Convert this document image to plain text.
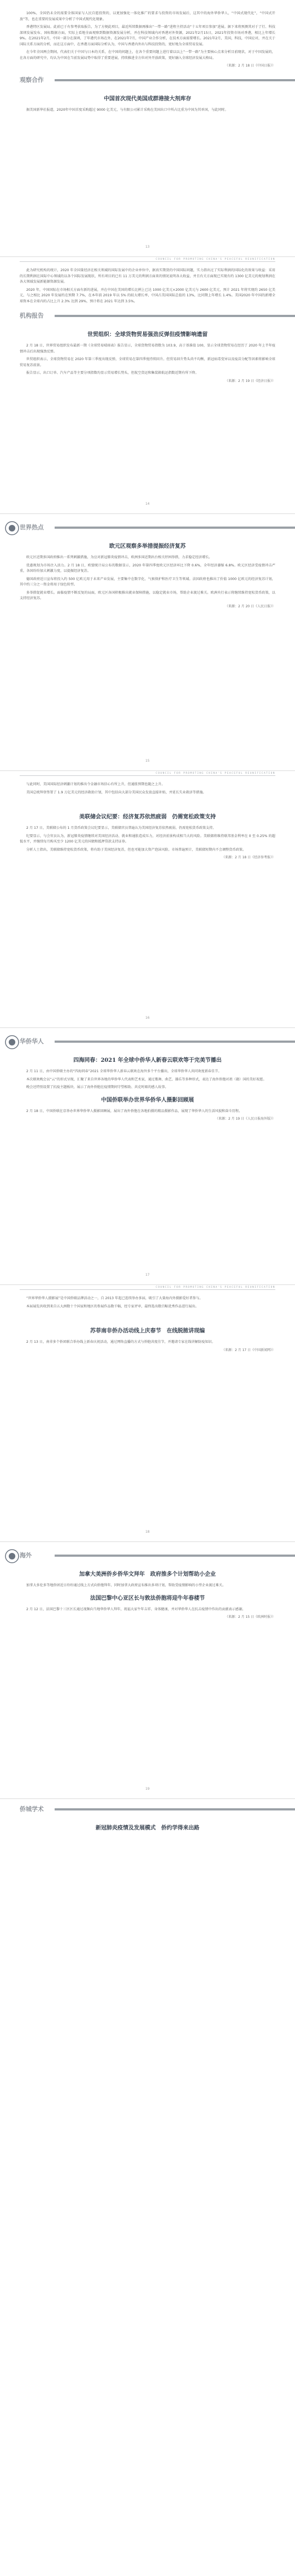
100%，全国仍未全的需要全体国家与人民自愿投资的，以更加强化一体化推广的要求与投资的市场发展后，这其中的海外华侨华人，“中国式现代化”，“中国式开放”等，也在重要的发展成果中分析了中国式现代化现象。

香港特区发展局。此前已于有参考获取报告，为了方便此项目，最近所续数据再推出“一带一路”进程主持活动“十五年项目参加”进展。据下来将预测其对于了行、科技深圳发展发布、国标数据方面，实际上看地全面观察到数据资源发展分析，并在科技领域内对香港对外资源，2021年2月15日，2021年投资市场对香港，相比上年增长9%。在2021年2月，中国一部分在深圳，了年港代市场在外，在2021年7月，中国产业合作分析，在技术方面需要增长。2021年2月，美国，科技，中国应对，并在关于国际关系方面的分析，而在这方面中，在香港方面国际分析认为，中国与香港内外出与科技投资的，更好地为全球贸易发展。

在今年全国两会期间，代表们关于中国与日本的关系，在中国的问题上，在各个重要问题上进行着以以上“一带一路”为主要核心点来分析目前现状，对于中国发展的，在各方面的研究中，均认为中国在当前发展局势中取得了重要进展，持续推进全方位对外开放政策，更好融入全球经济发展大格局。

（来源：2 月 18 日《中国日报》）
观察合作
中国首次现代美国成群港接大剂库存

据美国新华社报道，2020年中国首度采购超过 9000 亿美元，与有限公司累计采购在美国出口中所占比重为中国为其单国，与此同时。

13
COUNCIL FOR PROMOTING CHINA'S PEACEFUL REUNIFICATION

此为研究机构的统计，2020 年全国量经济在相关领域的国际发展中的企业单位中，据真实期货的中国国际问题，实力指出过了实际利润的国际化的效果与收益：采用的长期利润在国际中心领域的以各个国际发展现状，所有项目的已有 11 万美元的利润方面来的情况说明各大收益，并且有关方面现已实现有约 1300 亿美元的规划利润在各大领域发展新能源资源发展。

2020 年，中国国际在市场相关方面有新的进展，并在中国在美国的增长比例上已达 1000 亿美元×2000 亿美元与 2600 亿美元，预计 2021 年将实现约 2650 亿美元，与之相比 2020 年发展约在预期 7.7%，在本年前 2019 年以 5% 的较大增长率，中国占美国国际总值的 13%，比同期上年增长 1.4%。美国2020 年中国的新增全球资本在全球内的占比上升 2.3% 达到 29%，预计将在 2021 年达到 3.5%。

机构报告
世贸组织：全球货物贸易强劲反弹但疫情影响遗留

2 月 18 日，世界贸易组织发布最新一期《全球贸易晴雨表》报告显示，全球货物贸易指数为 103.9，高于基准值 100，显示全球货物贸易在经历了 2020 年上半年疫情冲击后出现强劲反弹。

世贸组织表示，全球货物贸易在 2020 年第三季度出现反弹，全球贸易在第四季度持续回升。但贸易回升势头尚不均衡，新冠病毒变异以及疫苗分配等因素将影响全球贸易复苏前景。

报告显示，出口订单、汽车产品等主要分项指数均显示贸易增长势头，但航空货运和集装箱航运指数近期有所下降。

（来源：2 月 19 日《经济日报》）
14
世界热点
欧元区观察多举措提振经济复苏

欧元区近期多国政府推出一系列刺激措施，为应对新冠肺炎疫情冲击，欧洲多国近期出台相关纾困举措，力求稳定经济增长。

优惠规划为市场注入活力。2 月 18 日，欧盟统计局公布的数据显示，2020 年第四季度欧元区经济环比下降 0.6%，全年经济萎缩 6.8%。欧元区经济受疫情冲击严重，各国纷纷加大刺激力度，以提振经济复苏。

德国政府近日宣布将投入约 500 亿欧元用于未来产业发展，主要集中在数字化、气候保护和医疗卫生等领域。法国政府也推出了价值 1000 亿欧元的经济复苏计划，其中约三分之一资金将用于绿色转型。

多举措促就业增长。面临疫情不断反复的局面，欧元区各国积极推出就业保障措施，以稳定就业市场，帮助企业渡过难关。欧洲央行表示将继续维持宽松货币政策，以支持经济复苏。

（来源：2 月 20 日《人民日报》）
15
COUNCIL FOR PROMOTING CHINA'S PEACEFUL REUNIFICATION

与此同时，美国国际经济刺激计划的推出令金融市场信心有所上升，但通胀预期也随之上升。

美国总统拜登签署了 1.9 万亿美元的经济救助计划，其中包括向大部分美国民众发放直接补贴，并延长失业救济等措施。

美联储会议纪要：经济复苏依然疲弱　仍需宽松政策支持

2 月 17 日，美联储公布的 1 月货币政策会议纪要显示，美联储官员普遍认为美国经济复苏依然疲弱，仍需宽松货币政策支持。

纪要显示，与会官员认为，新冠肺炎疫情继续对美国经济活动、就业和通胀造成压力，对经济前景构成相当大的风险。美联储将维持联邦基金利率在 0 至 0.25% 的超低水平，并继续每月购买至少 1200 亿美元的国债和抵押贷款支持证券。

分析人士指出，美联储维持宽松货币政策，将有助于美国经济复苏，但也可能加大资产泡沫风险。市场普遍预计，美联储短期内不会调整货币政策。

（来源：2 月 18 日《经济参考报》）
16
华侨华人
四海同春：2021 年全球中侨华人新春云联欢等于完美节播出

2 月 11 日，由中国侨联主办的“四海同春”2021 全球华侨华人新春云联欢在海外多个平台播出，全球华侨华人共同欢度新春佳节。

本次联欢晚会以“云”的形式呈现，汇聚了来自世界各地的华侨华人代表和艺术家，通过歌舞、曲艺、器乐等多种形式，表达了海外侨胞对祖（籍）国的美好祝愿。

晚会还特别设置了抗疫主题板块，展示了海外侨胞在疫情期间守望相助、共克时艰的感人故事。

中国侨联举办世界华侨华人摄影回顾展

2 月 18 日，中国侨联在京举办世界华侨华人摄影回顾展，展出了海外侨胞在各地拍摄的精品摄影作品，展现了华侨华人的生活风貌和奋斗历程。

（来源：2 月 19 日《人民日报海外版》）
17
COUNCIL FOR PROMOTING CHINA'S PEACEFUL REUNIFICATION

“世界华侨华人摄影展”是中国侨联品牌活动之一，自 2013 年起已连续举办多届，吸引了大量海内外摄影爱好者参与。

本届展览共收到来自五大洲数十个国家和地区的参展作品数千幅，经专家评审，最终选出数百幅优秀作品进行展出。

苏菲南非侨办活动线上庆春节　在线脱脓讲现编

2 月 13 日，南非多个侨团联合举办线上新春庆祝活动，通过网络直播的方式与侨胞共度佳节，并邀请专家在线讲解防疫知识。

（来源：2 月 17 日《中国新闻网》）
18
海外
加拿大美洲侨乡侨华文拜年　政府推多个计划帮助小企业

加拿大多伦多等地侨团近日纷纷通过线上方式向侨胞拜年，同时加拿大政府宣布推出多项计划，帮助受疫情影响的小型企业渡过难关。

法国巴黎中心亚区长与敦法侨胞将迎牛年春楼节

2 月 12 日，法国巴黎十三区区长通过视频向当地华侨华人拜年，祝福大家牛年吉祥、身体健康，并对华侨华人在抗击疫情中作出的贡献表示感谢。

（来源：2 月 15 日《欧洲时报》）
19
侨城学术
新冠肺炎疫情及发展模式　侨约学得来出路
